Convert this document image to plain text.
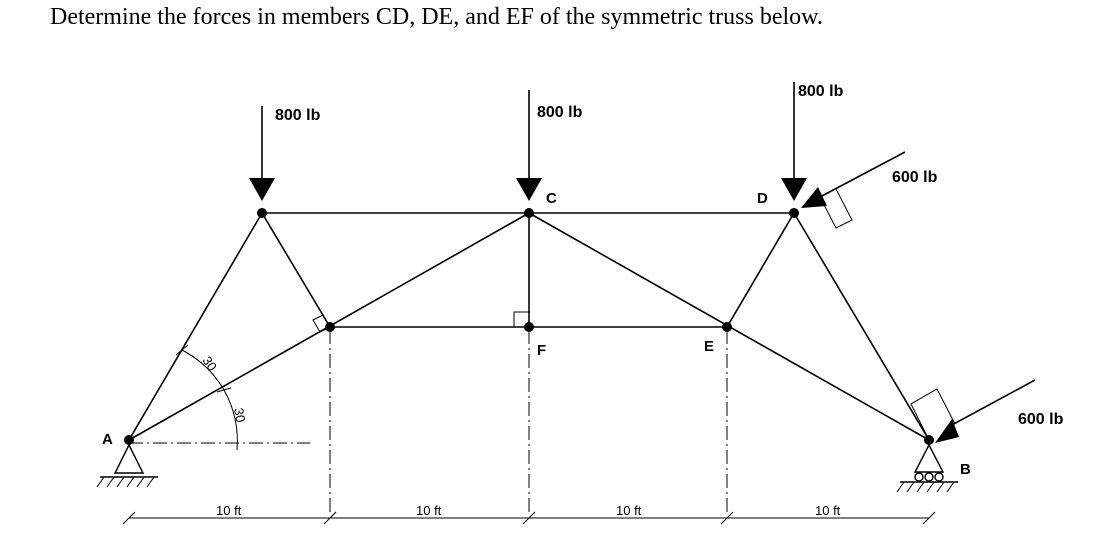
Determine the forces in members CD, DE, and EF of the symmetric truss below.
30
30
800 lb	800 lb
800 lb
600 lb
600 lb
A
B
C	D
E
F
10 ft	10 ft	10 ft	10 ft
